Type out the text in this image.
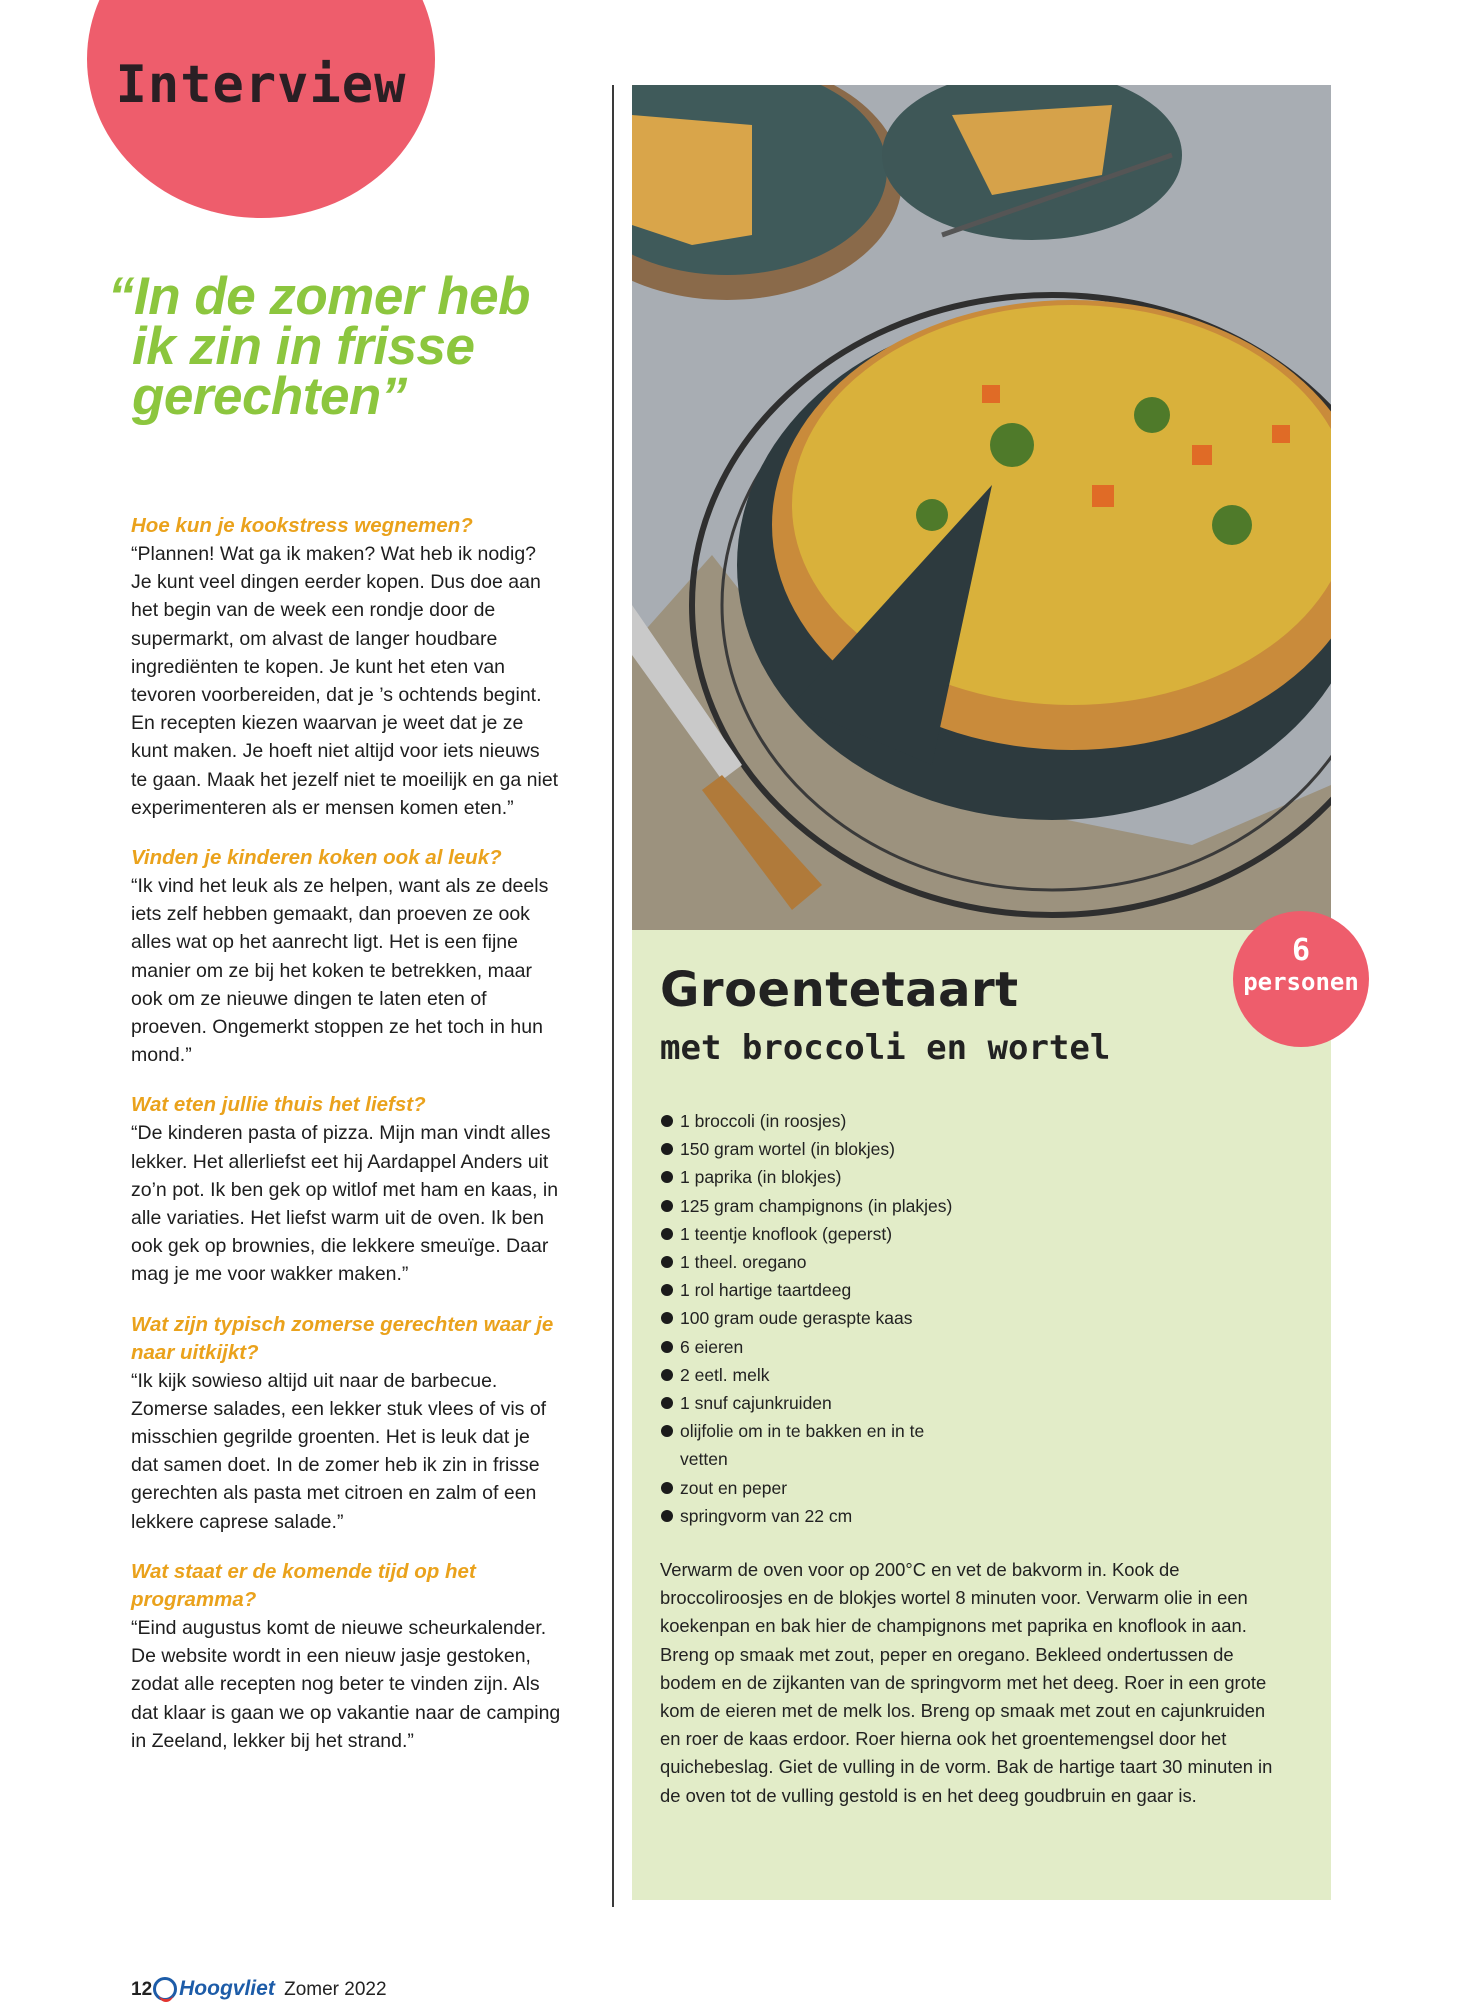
Interview
“In de zomer heb
ik zin in frisse
gerechten”

Hoe kun je kookstress wegnemen?

“Plannen! Wat ga ik maken? Wat heb ik nodig? Je kunt veel dingen eerder kopen. Dus doe aan het begin van de week een rondje door de supermarkt, om alvast de langer houdbare ingrediënten te kopen. Je kunt het eten van tevoren voorbereiden, dat je ’s ochtends begint. En recepten kiezen waarvan je weet dat je ze kunt maken. Je hoeft niet altijd voor iets nieuws te gaan. Maak het jezelf niet te moeilijk en ga niet experimenteren als er mensen komen eten.”

Vinden je kinderen koken ook al leuk?

“Ik vind het leuk als ze helpen, want als ze deels iets zelf hebben gemaakt, dan proeven ze ook alles wat op het aanrecht ligt. Het is een fijne manier om ze bij het koken te betrekken, maar ook om ze nieuwe dingen te laten eten of proeven. Ongemerkt stoppen ze het toch in hun mond.”

Wat eten jullie thuis het liefst?

“De kinderen pasta of pizza. Mijn man vindt alles lekker. Het allerliefst eet hij Aardappel Anders uit zo’n pot. Ik ben gek op witlof met ham en kaas, in alle variaties. Het liefst warm uit de oven. Ik ben ook gek op brownies, die lekkere smeuïge. Daar mag je me voor wakker maken.”

Wat zijn typisch zomerse gerechten waar je naar uitkijkt?

“Ik kijk sowieso altijd uit naar de barbecue. Zomerse salades, een lekker stuk vlees of vis of misschien gegrilde groenten. Het is leuk dat je dat samen doet. In de zomer heb ik zin in frisse gerechten als pasta met citroen en zalm of een lekkere caprese salade.”

Wat staat er de komende tijd op het programma?

“Eind augustus komt de nieuwe scheurkalender. De website wordt in een nieuw jasje gestoken, zodat alle recepten nog beter te vinden zijn. Als dat klaar is gaan we op vakantie naar de camping in Zeeland, lekker bij het strand.”

6
personen
Groentetaart
met broccoli en wortel
1 broccoli (in roosjes)
150 gram wortel (in blokjes)
1 paprika (in blokjes)
125 gram champignons (in plakjes)
1 teentje knoflook (geperst)
1 theel. oregano
1 rol hartige taartdeeg
100 gram oude geraspte kaas
6 eieren
2 eetl. melk
1 snuf cajunkruiden
olijfolie om in te bakken en in te vetten
zout en peper
springvorm van 22 cm

Verwarm de oven voor op 200°C en vet de bakvorm in. Kook de broccoliroosjes en de blokjes wortel 8 minuten voor. Verwarm olie in een koekenpan en bak hier de champignons met paprika en knoflook in aan. Breng op smaak met zout, peper en oregano. Bekleed ondertussen de bodem en de zijkanten van de springvorm met het deeg. Roer in een grote kom de eieren met de melk los. Breng op smaak met zout en cajunkruiden en roer de kaas erdoor. Roer hierna ook het groentemengsel door het quichebeslag. Giet de vulling in de vorm. Bak de hartige taart 30 minuten in de oven tot de vulling gestold is en het deeg goudbruin en gaar is.

12 Hoogvliet Zomer 2022
